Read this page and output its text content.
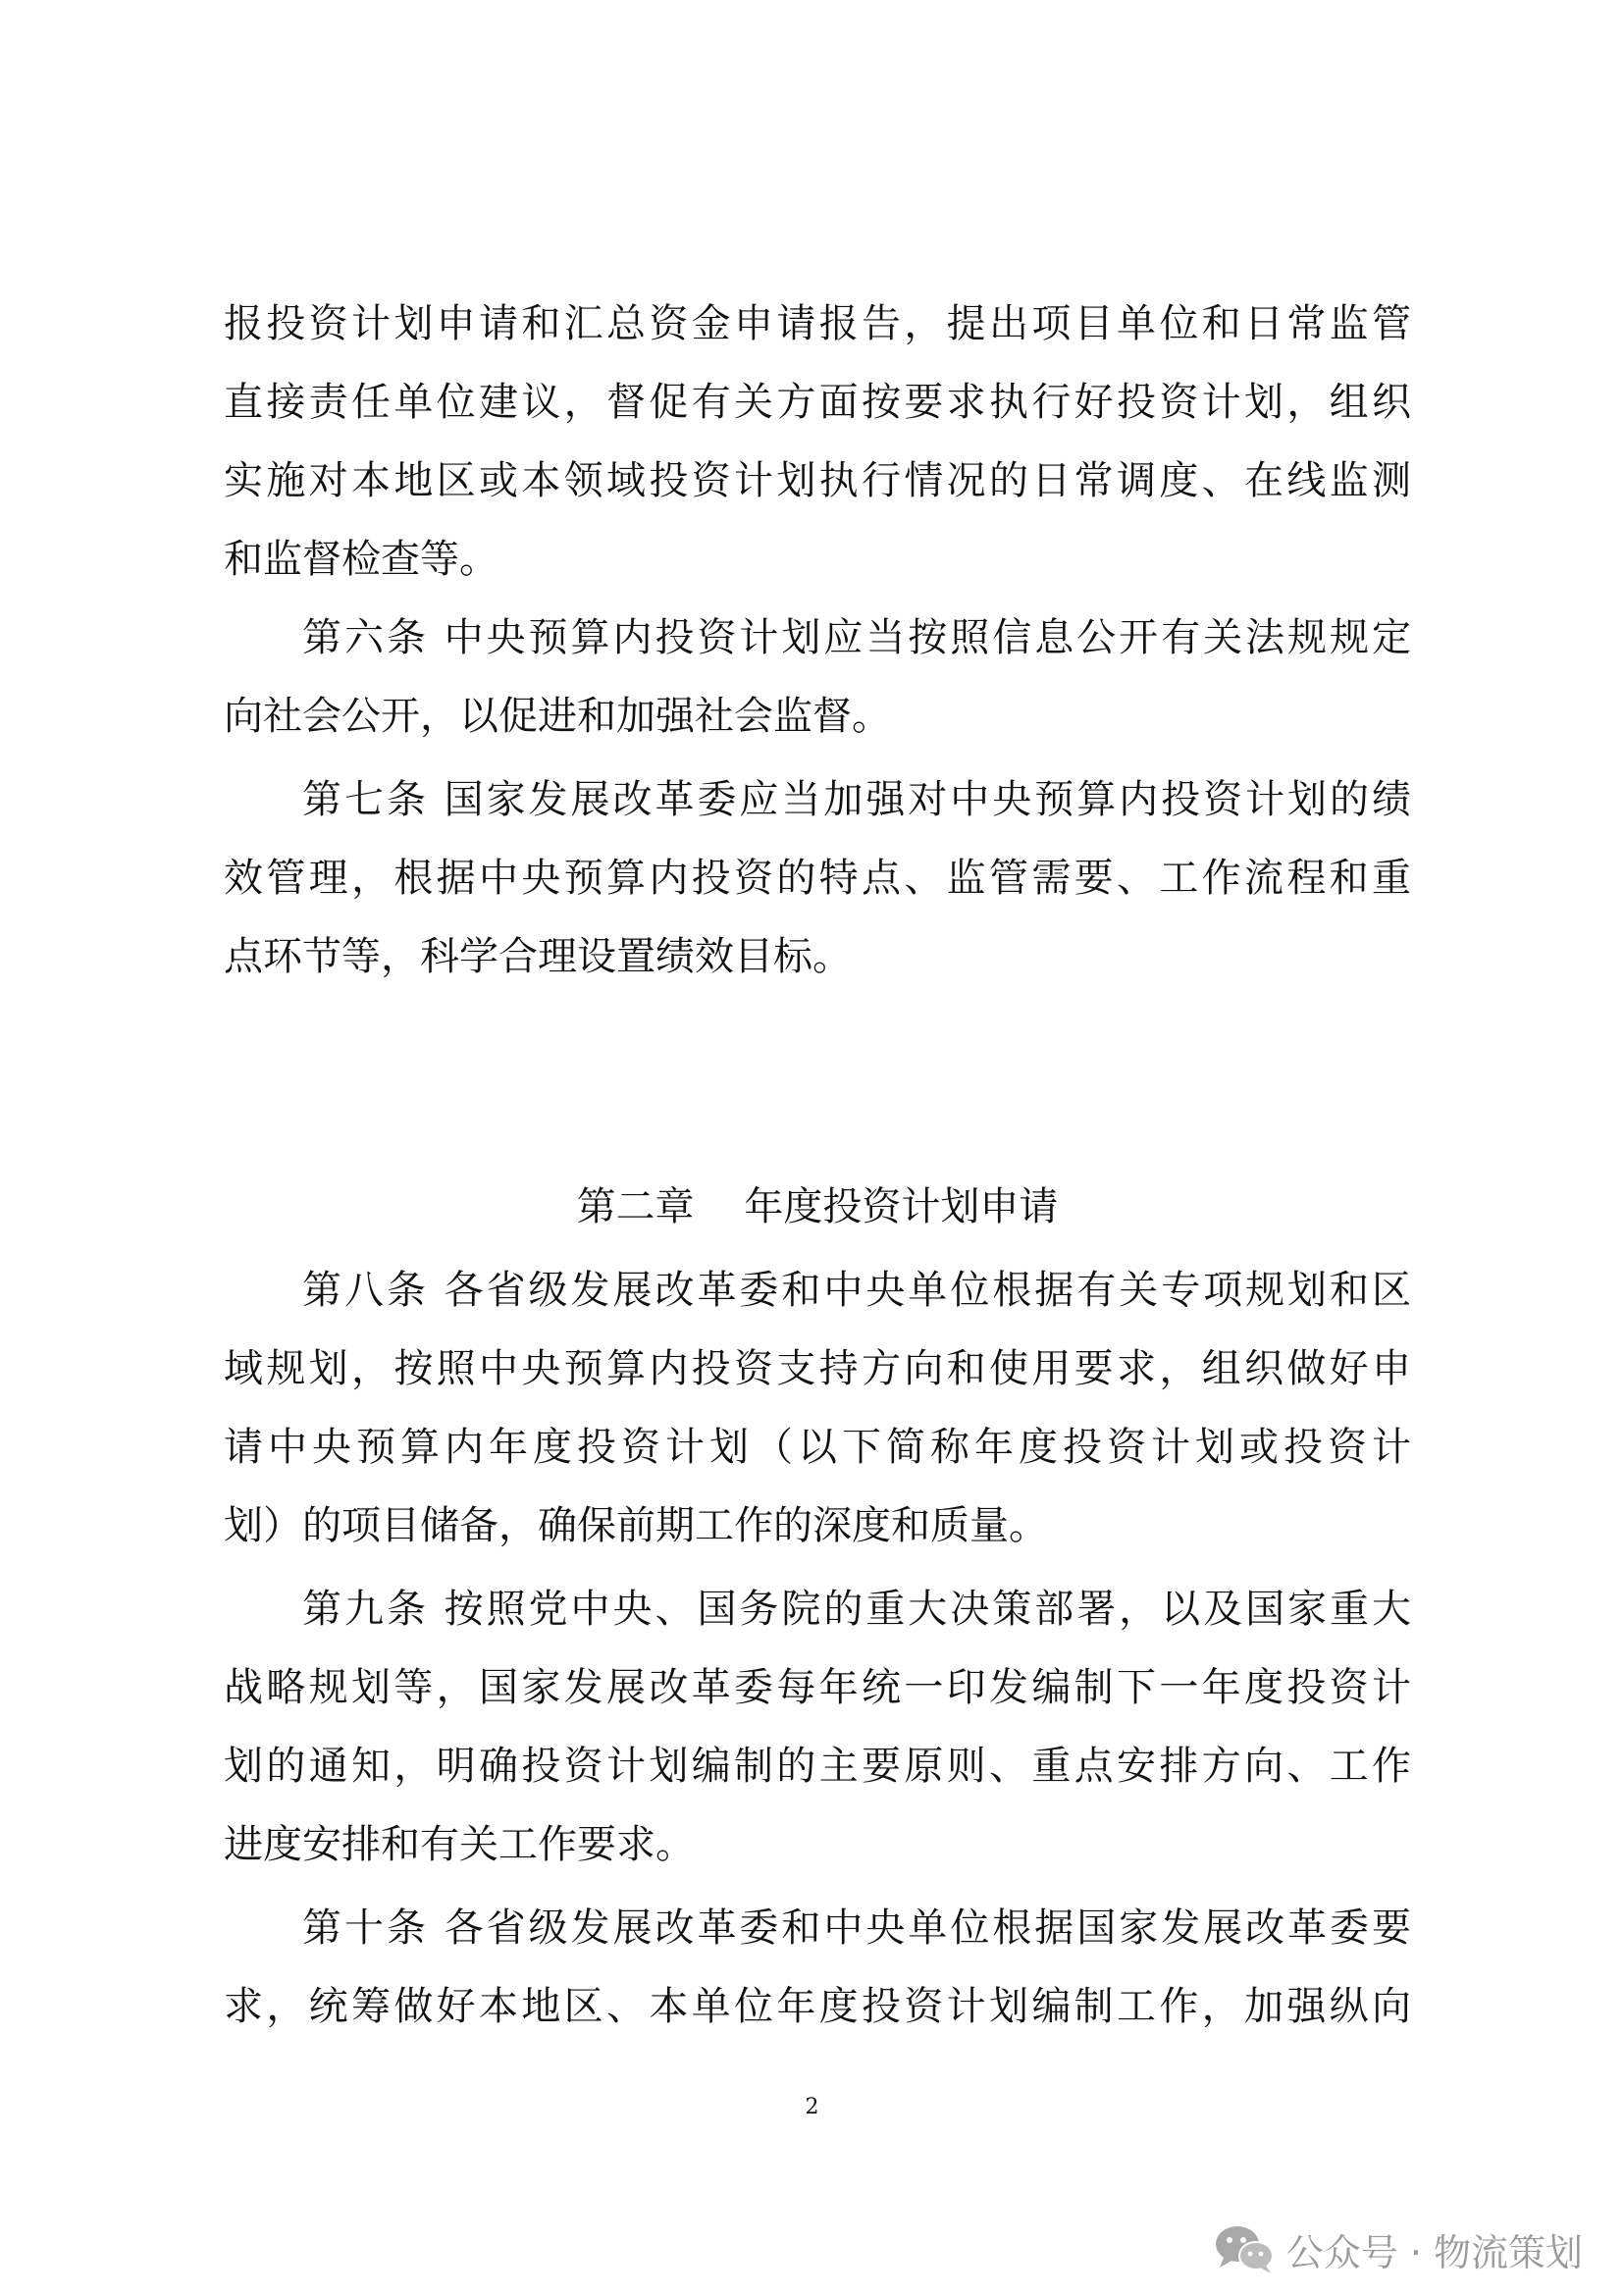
报投资计划申请和汇总资金申请报告，提出项目单位和日常监管
直接责任单位建议，督促有关方面按要求执行好投资计划，组织
实施对本地区或本领域投资计划执行情况的日常调度、在线监测
和监督检查等。
第六条 中央预算内投资计划应当按照信息公开有关法规规定
向社会公开，以促进和加强社会监督。
第七条 国家发展改革委应当加强对中央预算内投资计划的绩
效管理，根据中央预算内投资的特点、监管需要、工作流程和重
点环节等，科学合理设置绩效目标。
第二章    年度投资计划申请
第八条 各省级发展改革委和中央单位根据有关专项规划和区
域规划，按照中央预算内投资支持方向和使用要求，组织做好申
请中央预算内年度投资计划（以下简称年度投资计划或投资计
划）的项目储备，确保前期工作的深度和质量。
第九条 按照党中央、国务院的重大决策部署，以及国家重大
战略规划等，国家发展改革委每年统一印发编制下一年度投资计
划的通知，明确投资计划编制的主要原则、重点安排方向、工作
进度安排和有关工作要求。
第十条 各省级发展改革委和中央单位根据国家发展改革委要
求，统筹做好本地区、本单位年度投资计划编制工作，加强纵向
2
公众号 · 物流策划
